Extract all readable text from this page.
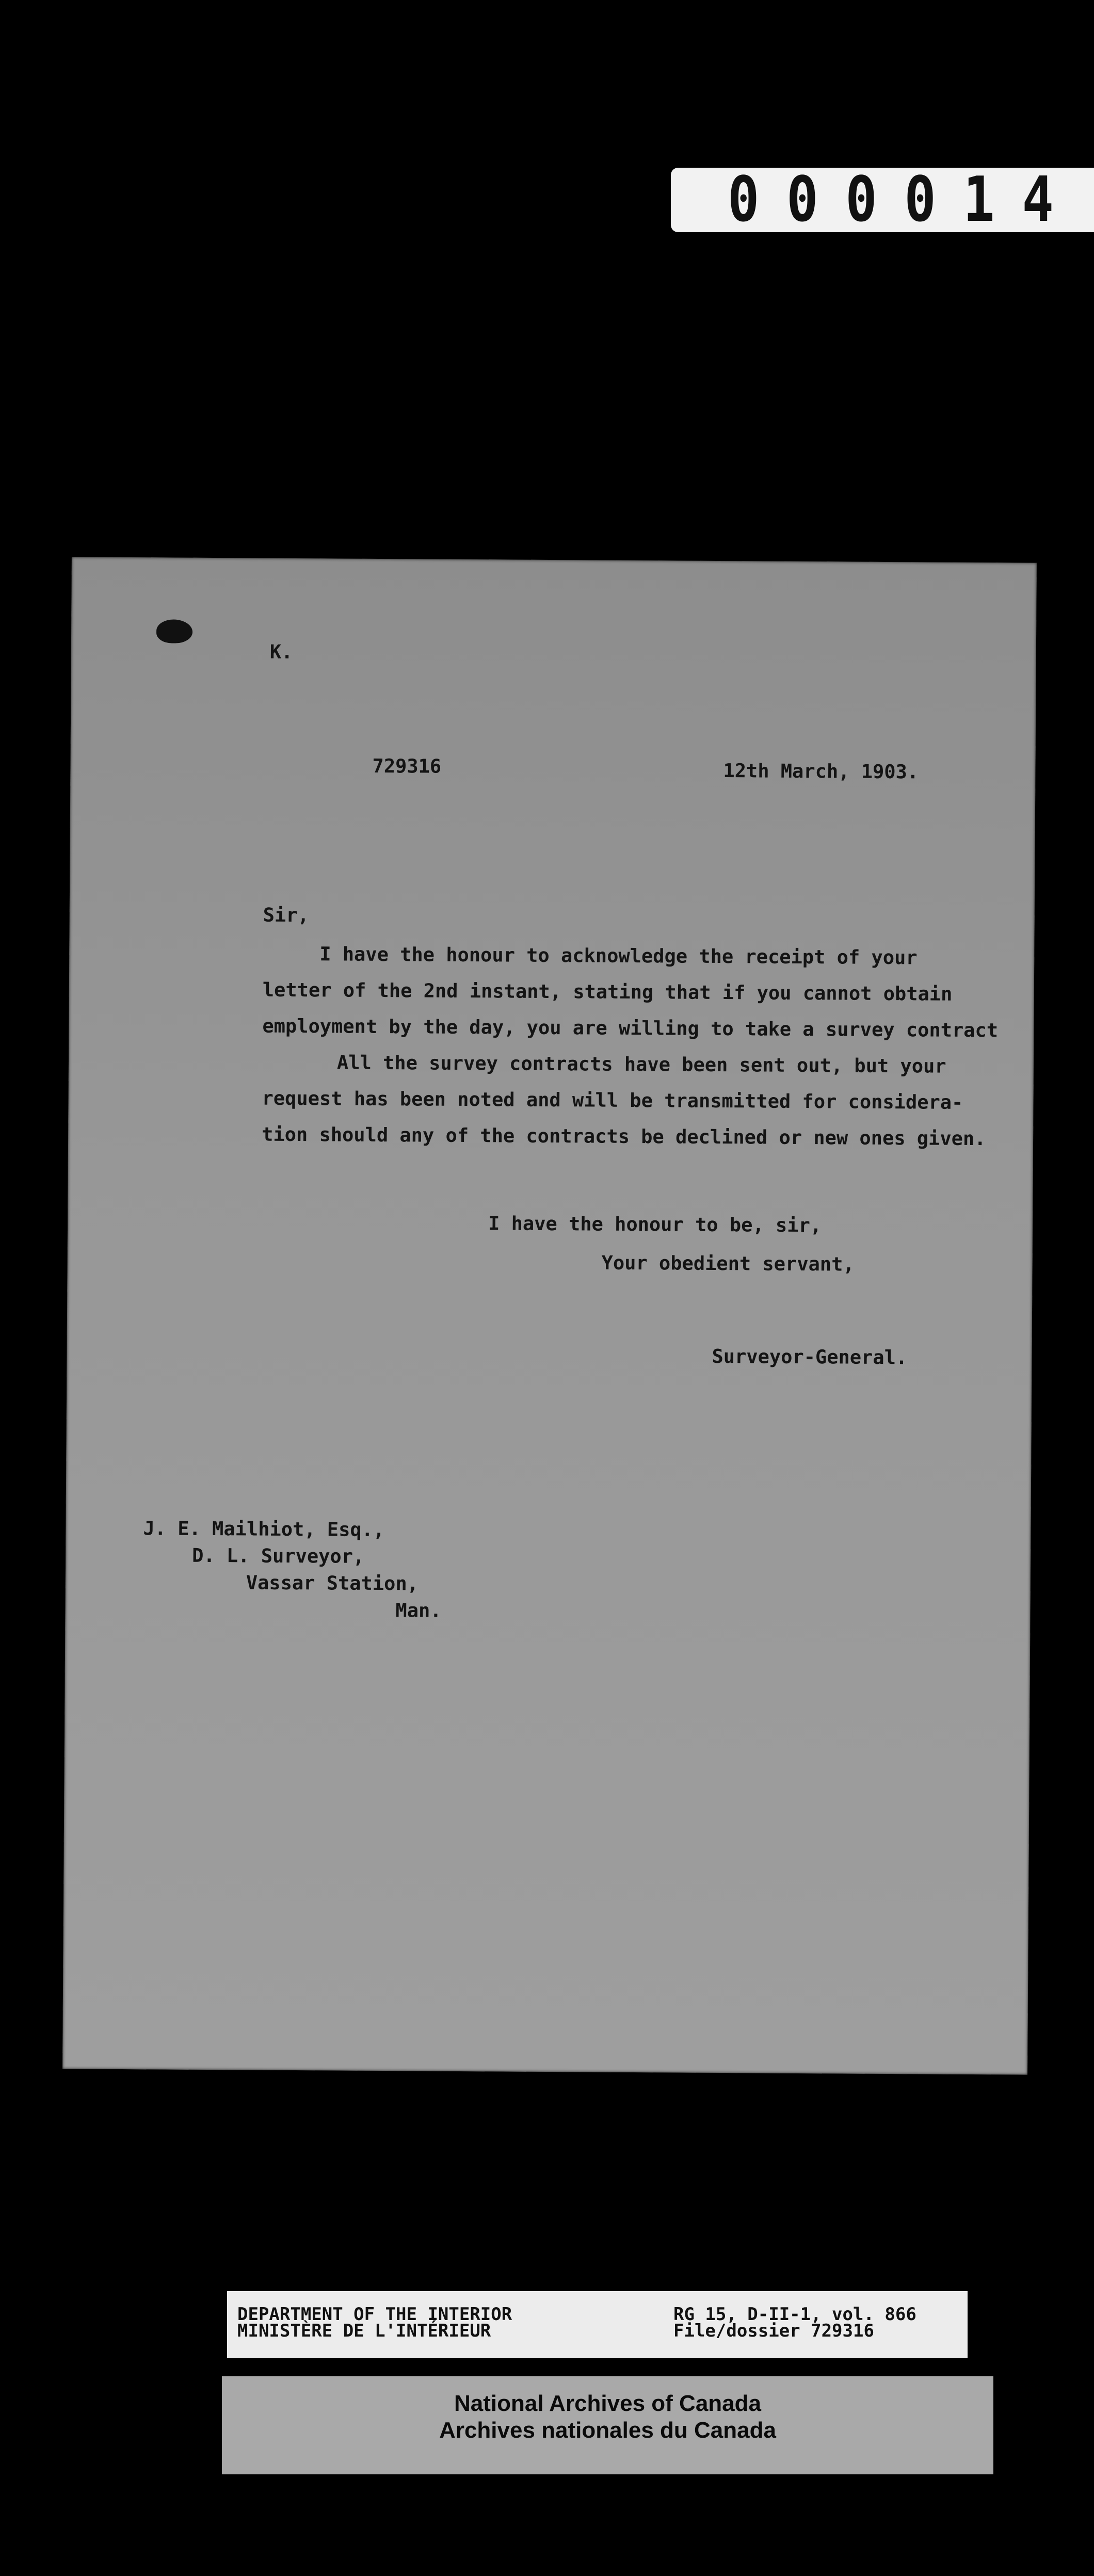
000014
K.
729316	12th March, 1903.
Sir,
I have the honour to acknowledge the receipt of your
letter of the 2nd instant, stating that if you cannot obtain
employment by the day, you are willing to take a survey contract
All the survey contracts have been sent out, but your
request has been noted and will be transmitted for considera-
tion should any of the contracts be declined or new ones given.
I have the honour to be, sir,
Your obedient servant,
Surveyor-General.
J. E. Mailhiot, Esq.,
D. L. Surveyor,
Vassar Station,
Man.
DEPARTMENT OF THE INTERIOR
MINISTÈRE DE L'INTÉRIEUR
RG 15, D-II-1, vol. 866
File/dossier 729316
National Archives of Canada
Archives nationales du Canada
